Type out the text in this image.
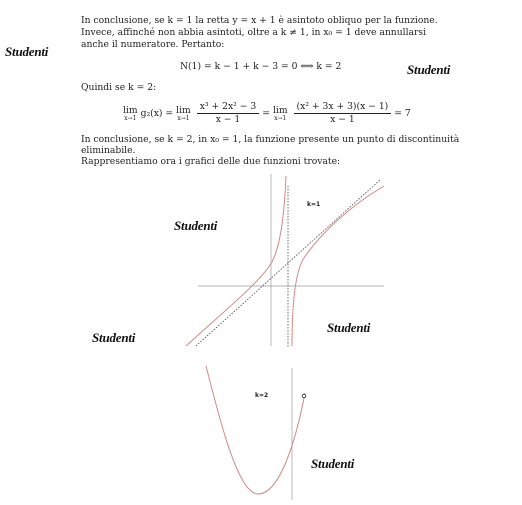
Studenti
Studenti
Studenti
Studenti
Studenti
Studenti
In conclusione, se k = 1 la retta y = x + 1 è asintoto obliquo per la funzione.
Invece, affinché non abbia asintoti, oltre a k ≠ 1, in x₀ = 1 deve annullarsi
anche il numeratore. Pertanto:
N(1) = k − 1 + k − 3 = 0 ⟺ k = 2
Quindi se k = 2:
lim
x→1 g₂(x) = lim
$x\to 1 \frac{\text{x³ + 2x² − 3}}{x - 1} = \lim$
$x\to 1 \frac{\text{(x² + 3x + 3)(x − 1)}}{x - 1} = 7$
In conclusione, se k = 2, in x₀ = 1, la funzione presente un punto di discontinuità
eliminabile.
Rappresentiamo ora i grafici delle due funzioni trovate:
k=1
k=2
